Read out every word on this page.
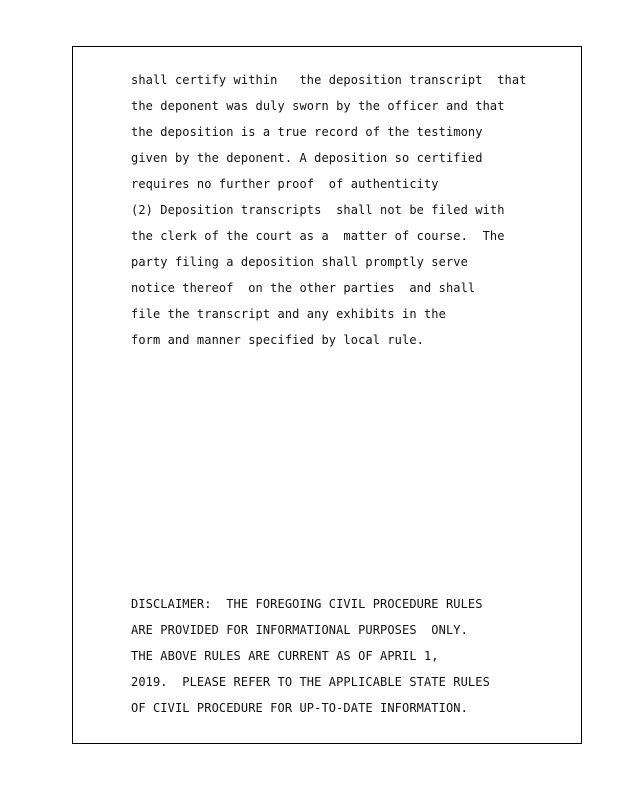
shall certify within   the deposition transcript  that
the deponent was duly sworn by the officer and that
the deposition is a true record of the testimony
given by the deponent. A deposition so certified
requires no further proof  of authenticity
(2) Deposition transcripts  shall not be filed with
the clerk of the court as a  matter of course.  The
party filing a deposition shall promptly serve
notice thereof  on the other parties  and shall
file the transcript and any exhibits in the
form and manner specified by local rule.
DISCLAIMER:  THE FOREGOING CIVIL PROCEDURE RULES
ARE PROVIDED FOR INFORMATIONAL PURPOSES  ONLY.
THE ABOVE RULES ARE CURRENT AS OF APRIL 1,
2019.  PLEASE REFER TO THE APPLICABLE STATE RULES
OF CIVIL PROCEDURE FOR UP-TO-DATE INFORMATION.
